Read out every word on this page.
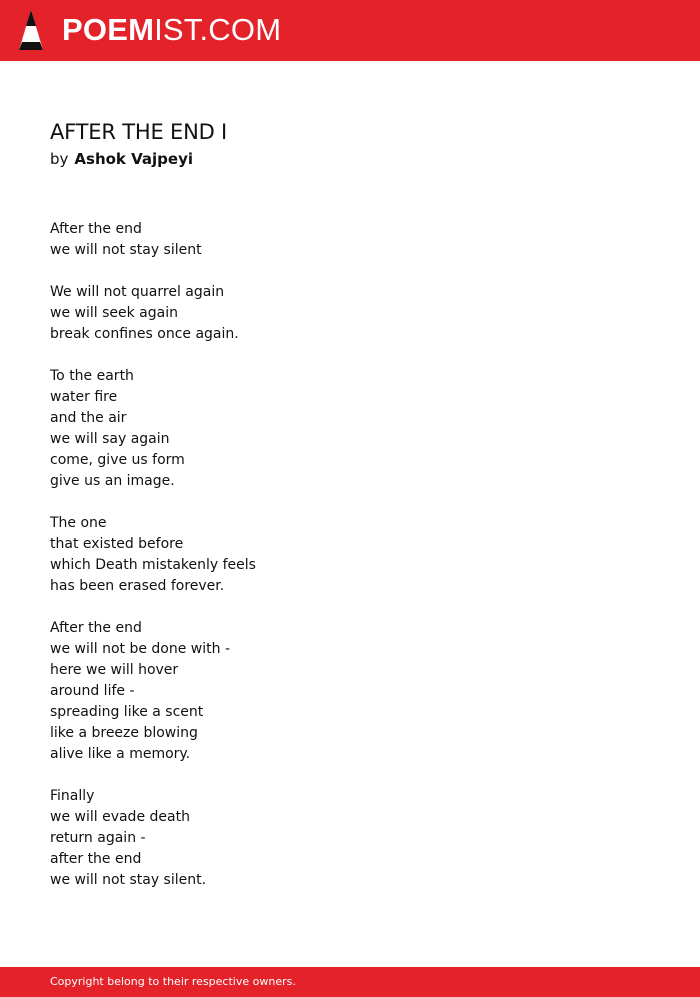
POEMIST.COM
AFTER THE END I
by Ashok Vajpeyi
After the end
we will not stay silent
We will not quarrel again
we will seek again
break confines once again.
To the earth
water fire
and the air
we will say again
come, give us form
give us an image.
The one
that existed before
which Death mistakenly feels
has been erased forever.
After the end
we will not be done with -
here we will hover
around life -
spreading like a scent
like a breeze blowing
alive like a memory.
Finally
we will evade death
return again -
after the end
we will not stay silent.
Copyright belong to their respective owners.
